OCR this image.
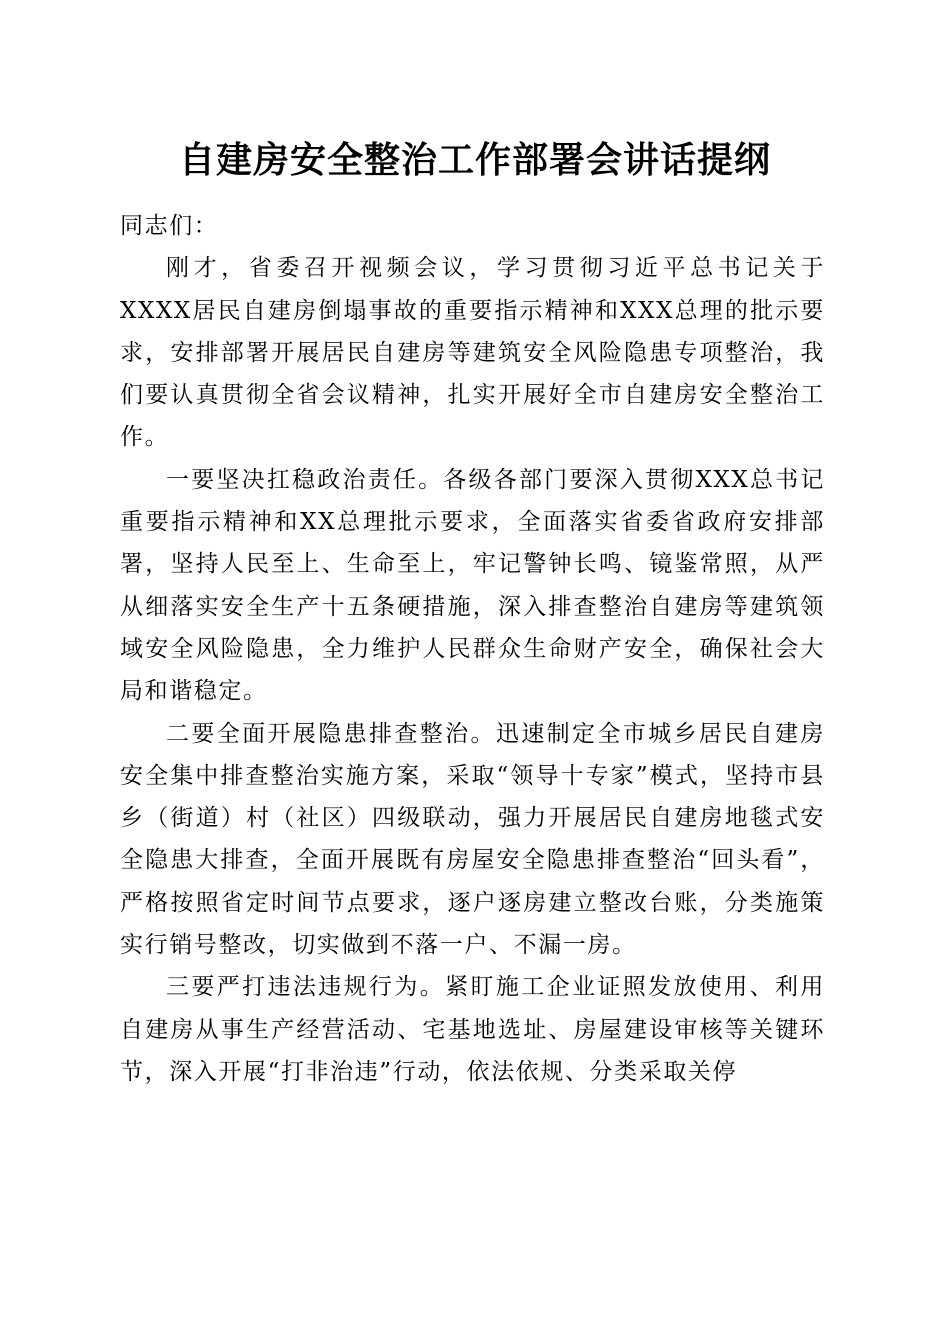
自建房安全整治工作部署会讲话提纲

同志们：

刚才，省委召开视频会议，学习贯彻习近平总书记关于XXXX居民自建房倒塌事故的重要指示精神和XXX总理的批示要求，安排部署开展居民自建房等建筑安全风险隐患专项整治，我们要认真贯彻全省会议精神，扎实开展好全市自建房安全整治工作。

一要坚决扛稳政治责任。各级各部门要深入贯彻XXX总书记重要指示精神和XX总理批示要求，全面落实省委省政府安排部署，坚持人民至上、生命至上，牢记警钟长鸣、镜鉴常照，从严从细落实安全生产十五条硬措施，深入排查整治自建房等建筑领域安全风险隐患，全力维护人民群众生命财产安全，确保社会大局和谐稳定。

二要全面开展隐患排查整治。迅速制定全市城乡居民自建房安全集中排查整治实施方案，采取“领导十专家”模式，坚持市县乡（街道）村（社区）四级联动，强力开展居民自建房地毯式安全隐患大排查，全面开展既有房屋安全隐患排查整治“回头看”，严格按照省定时间节点要求，逐户逐房建立整改台账，分类施策实行销号整改，切实做到不落一户、不漏一房。

三要严打违法违规行为。紧盯施工企业证照发放使用、利用自建房从事生产经营活动、宅基地选址、房屋建设审核等关键环节，深入开展“打非治违”行动，依法依规、分类采取关停
